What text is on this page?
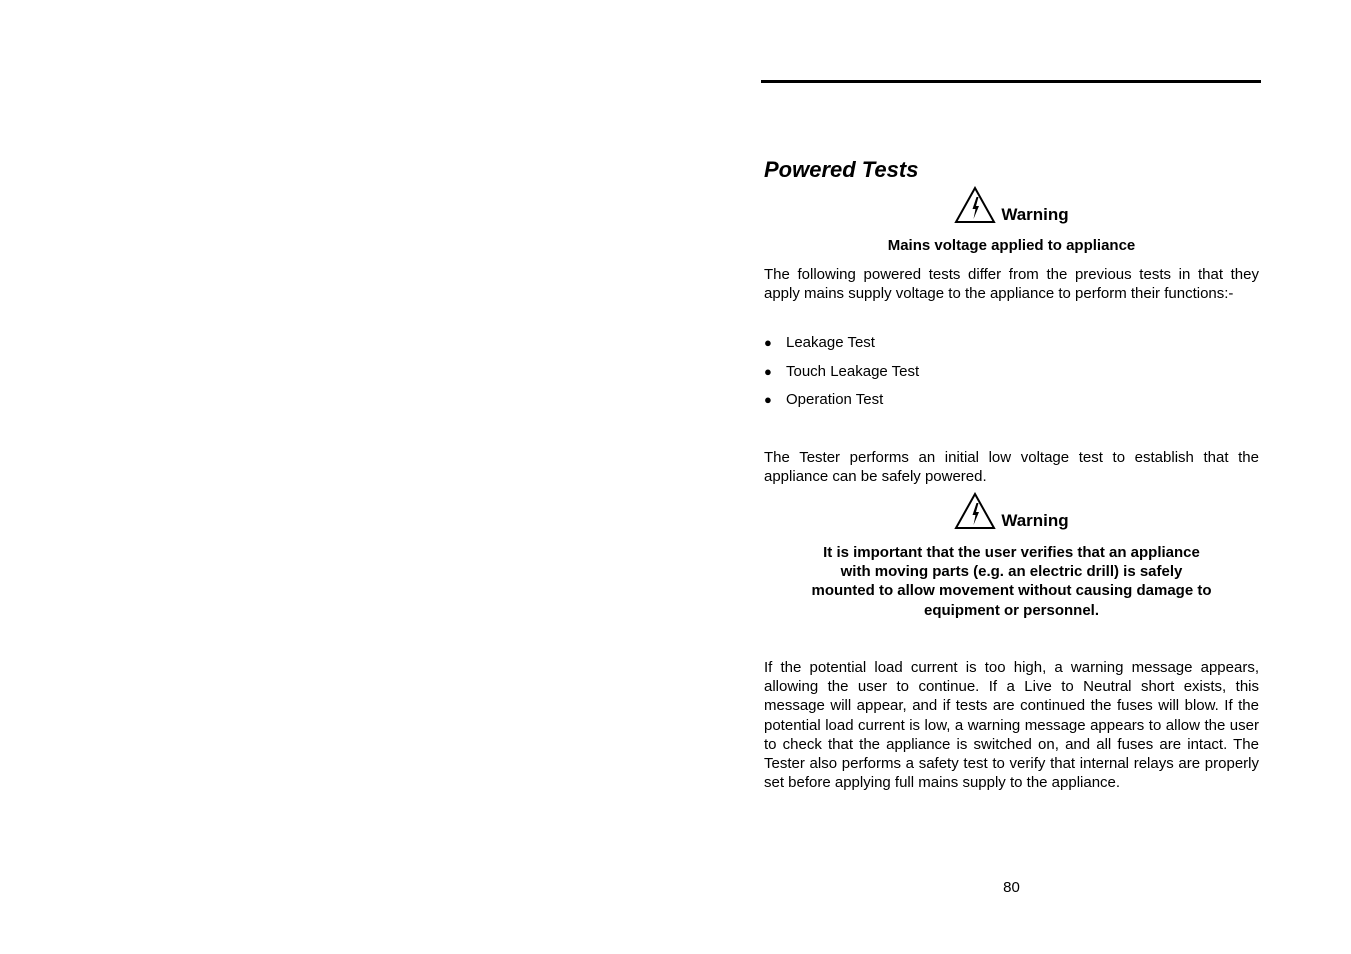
Powered Tests
Warning

Mains voltage applied to appliance

The following powered tests differ from the previous tests in that they apply mains supply voltage to the appliance to perform their functions:-

● Leakage Test
● Touch Leakage Test
● Operation Test

The Tester performs an initial low voltage test to establish that the appliance can be safely powered.

Warning
It is important that the user verifies that an appliance
with moving parts (e.g. an electric drill) is safely
mounted to allow movement without causing damage to
equipment or personnel.

If the potential load current is too high, a warning message appears, allowing the user to continue. If a Live to Neutral short exists, this message will appear, and if tests are continued the fuses will blow. If the potential load current is low, a warning message appears to allow the user to check that the appliance is switched on, and all fuses are intact. The Tester also performs a safety test to verify that internal relays are properly set before applying full mains supply to the appliance.

80
